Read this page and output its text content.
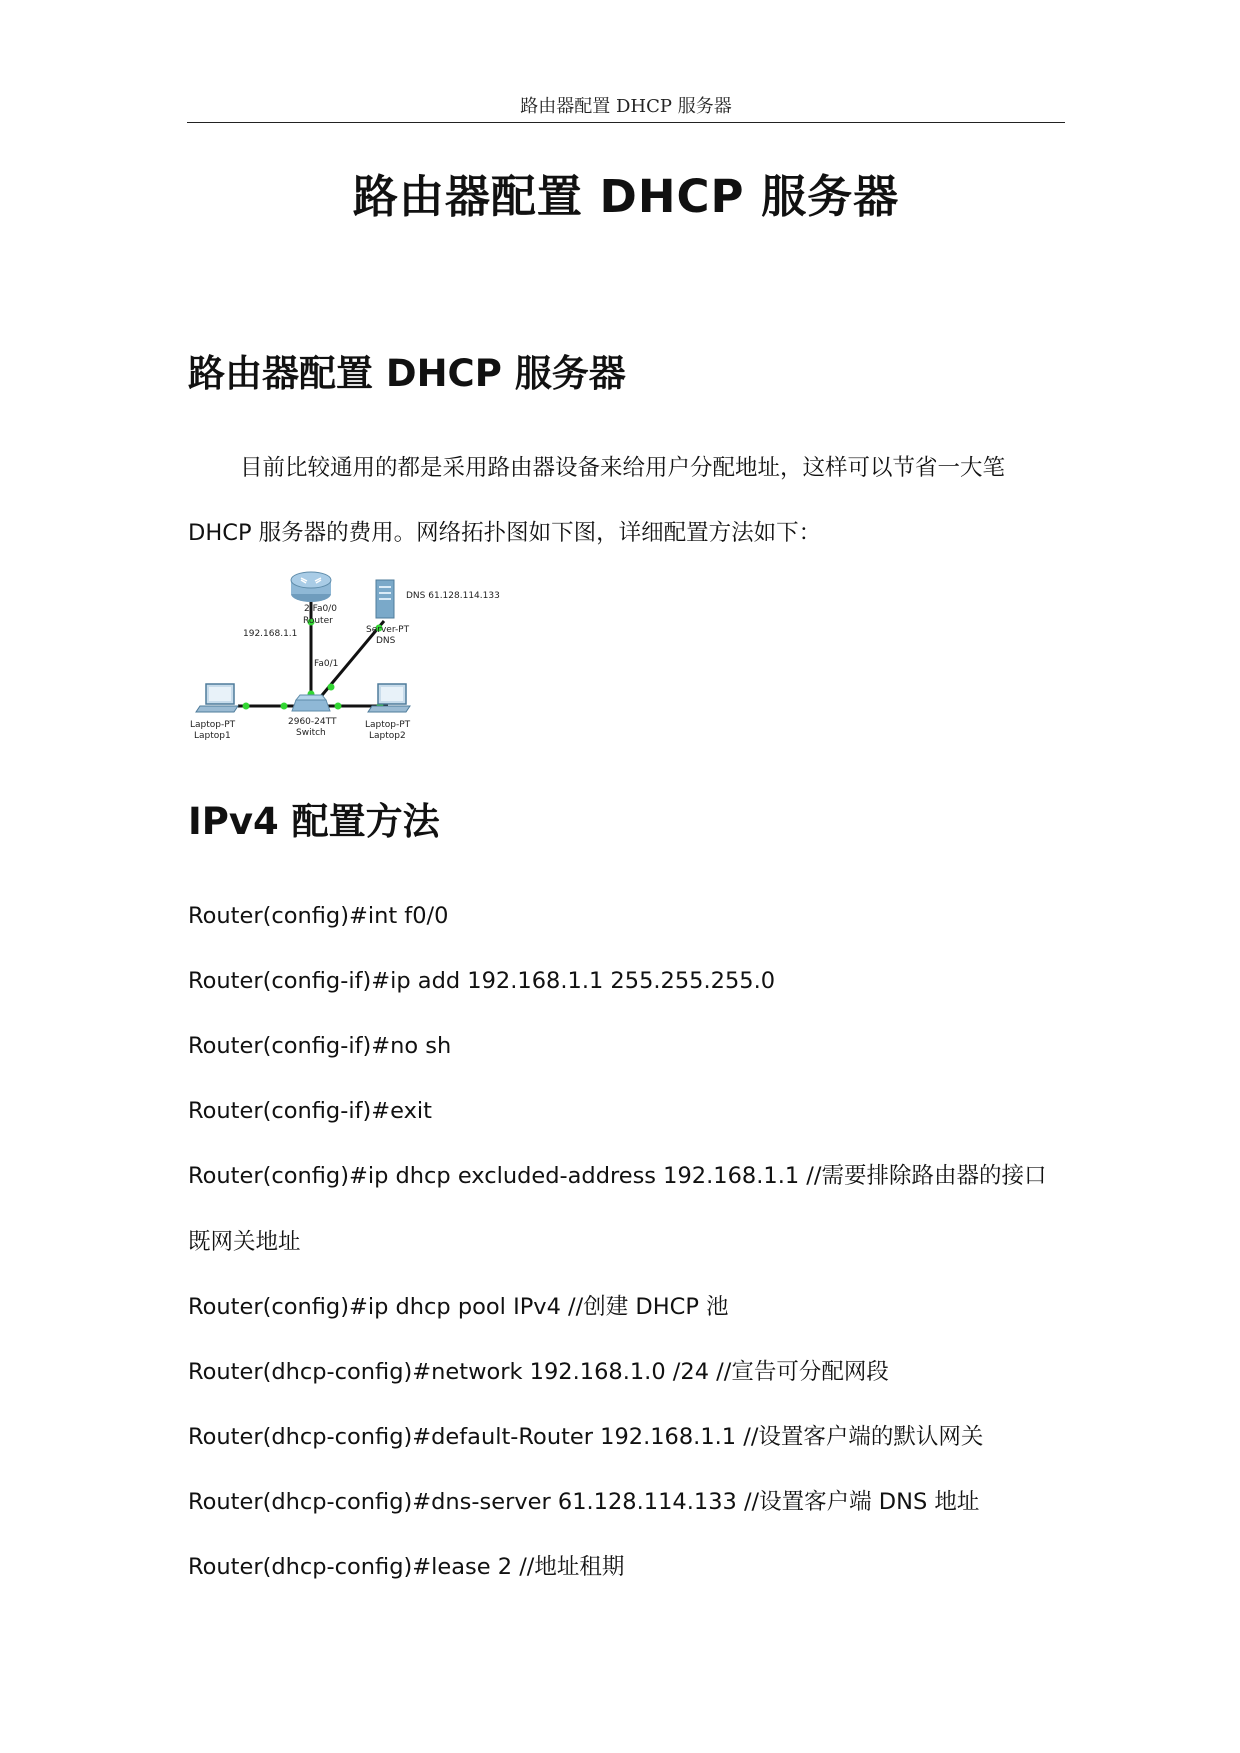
路由器配置 DHCP 服务器
路由器配置 DHCP 服务器
路由器配置 DHCP 服务器

目前比较通用的都是采用路由器设备来给用户分配地址，这样可以节省一大笔

DHCP 服务器的费用。网络拓扑图如下图，详细配置方法如下：

2 Fa0/0
Router
192.168.1.1
Fa0/1
2960-24TT
Switch
DNS 61.128.114.133
Server-PT
DNS
Laptop-PT
Laptop1
Laptop-PT
Laptop2
IPv4 配置方法

Router(config)#int f0/0

Router(config-if)#ip add 192.168.1.1 255.255.255.0

Router(config-if)#no sh

Router(config-if)#exit

Router(config)#ip dhcp excluded-address 192.168.1.1 //需要排除路由器的接口

既网关地址

Router(config)#ip dhcp pool IPv4 //创建 DHCP 池

Router(dhcp-config)#network 192.168.1.0 /24 //宣告可分配网段

Router(dhcp-config)#default-Router 192.168.1.1 //设置客户端的默认网关

Router(dhcp-config)#dns-server 61.128.114.133 //设置客户端 DNS 地址

Router(dhcp-config)#lease 2 //地址租期
